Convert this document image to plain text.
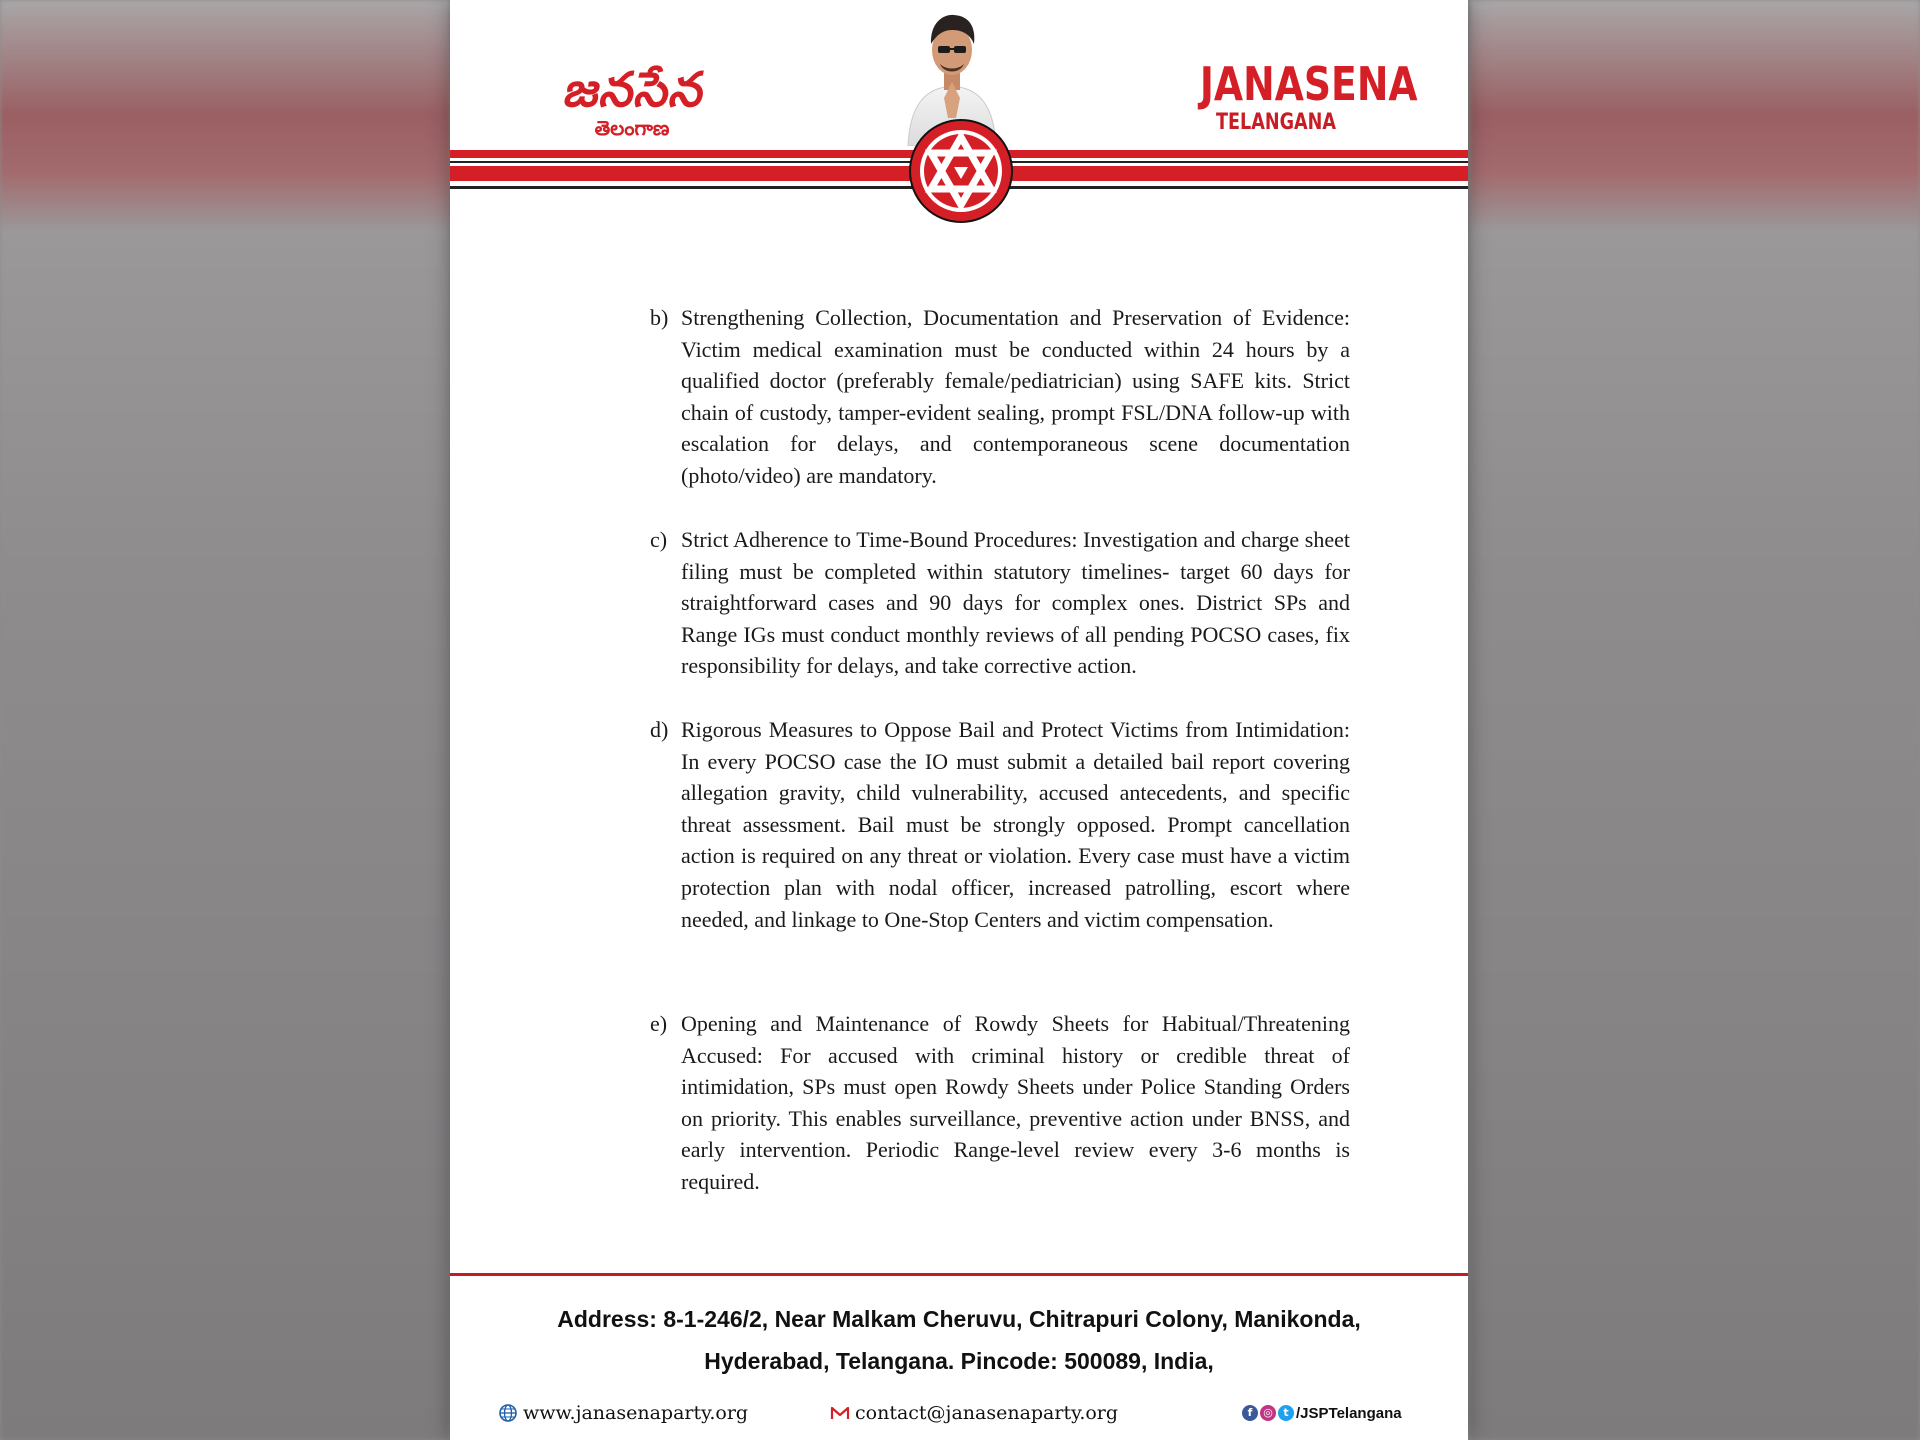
జనసేన
తెలంగాణ
JANASENA
TELANGANA
b) Strengthening Collection, Documentation and Preservation of Evidence: Victim medical examination must be conducted within 24 hours by a qualified doctor (preferably female/pediatrician) using SAFE kits. Strict chain of custody, tamper-evident sealing, prompt FSL/DNA follow-up with escalation for delays, and contemporaneous scene documentation (photo/video) are mandatory.
c) Strict Adherence to Time-Bound Procedures: Investigation and charge sheet filing must be completed within statutory timelines- target 60 days for straightforward cases and 90 days for complex ones. District SPs and Range IGs must conduct monthly reviews of all pending POCSO cases, fix responsibility for delays, and take corrective action.
d) Rigorous Measures to Oppose Bail and Protect Victims from Intimidation: In every POCSO case the IO must submit a detailed bail report covering allegation gravity, child vulnerability, accused antecedents, and specific threat assessment. Bail must be strongly opposed. Prompt cancellation action is required on any threat or violation. Every case must have a victim protection plan with nodal officer, increased patrolling, escort where needed, and linkage to One-Stop Centers and victim compensation.
e) Opening and Maintenance of Rowdy Sheets for Habitual/Threatening Accused: For accused with criminal history or credible threat of intimidation, SPs must open Rowdy Sheets under Police Standing Orders on priority. This enables surveillance, preventive action under BNSS, and early intervention. Periodic Range-level review every 3-6 months is required.
Address: 8-1-246/2, Near Malkam Cheruvu, Chitrapuri Colony, Manikonda,
Hyderabad, Telangana. Pincode: 500089, India,
www.janasenaparty.org	contact@janasenaparty.org	f ◎ t /JSPTelangana
